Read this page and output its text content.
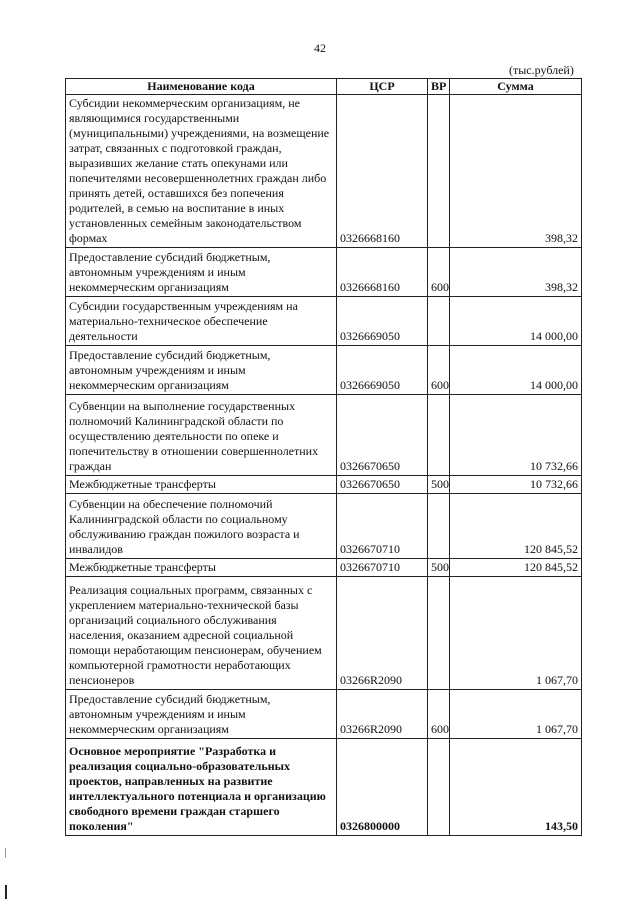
42
(тыс.рублей)
Наименование кода	ЦСР	ВР	Сумма
Субсидии некоммерческим организациям, не являющимися государственными (муниципальными) учреждениями, на возмещение затрат, связанных с подготовкой граждан, выразивших желание стать опекунами или попечителями несовершеннолетних граждан либо принять детей, оставшихся без попечения родителей, в семью на воспитание в иных установленных семейным законодательством формах	0326668160		398,32
Предоставление субсидий бюджетным, автономным учреждениям и иным некоммерческим организациям	0326668160	600	398,32
Субсидии государственным учреждениям на материально-техническое обеспечение деятельности	0326669050		14 000,00
Предоставление субсидий бюджетным, автономным учреждениям и иным некоммерческим организациям	0326669050	600	14 000,00
Субвенции на выполнение государственных полномочий Калининградской области по осуществлению деятельности по опеке и попечительству в отношении совершеннолетних граждан	0326670650		10 732,66
Межбюджетные трансферты	0326670650	500	10 732,66
Субвенции на обеспечение полномочий Калининградской области по социальному обслуживанию граждан пожилого возраста и инвалидов	0326670710		120 845,52
Межбюджетные трансферты	0326670710	500	120 845,52
Реализация социальных программ, связанных с укреплением материально-технической базы организаций социального обслуживания населения, оказанием адресной социальной помощи неработающим пенсионерам, обучением компьютерной грамотности неработающих пенсионеров	03266R2090		1 067,70
Предоставление субсидий бюджетным, автономным учреждениям и иным некоммерческим организациям	03266R2090	600	1 067,70
Основное мероприятие "Разработка и реализация социально-образовательных проектов, направленных на развитие интеллектуального потенциала и организацию свободного времени граждан старшего поколения"	0326800000		143,50
